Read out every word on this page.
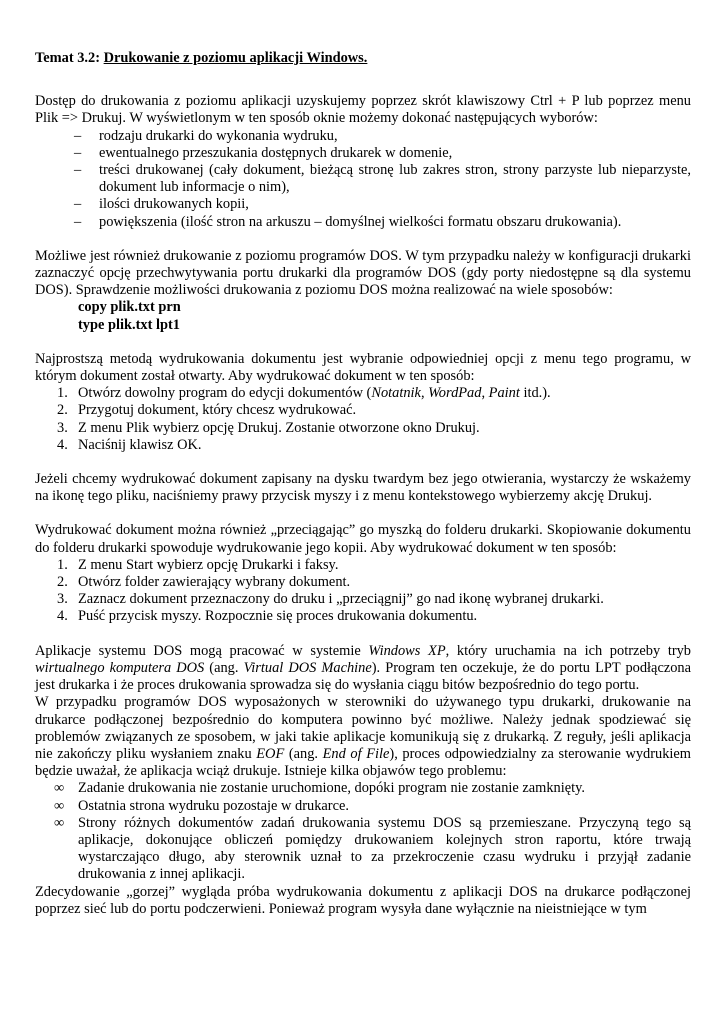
Temat 3.2: Drukowanie z poziomu aplikacji Windows.

Dostęp do drukowania z poziomu aplikacji uzyskujemy poprzez skrót klawiszowy Ctrl + P lub poprzez menu Plik => Drukuj. W wyświetlonym w ten sposób oknie możemy dokonać następujących wyborów:

– rodzaju drukarki do wykonania wydruku,
– ewentualnego przeszukania dostępnych drukarek w domenie,
– treści drukowanej (cały dokument, bieżącą stronę lub zakres stron, strony parzyste lub nieparzyste, dokument lub informacje o nim),
– ilości drukowanych kopii,
– powiększenia (ilość stron na arkuszu – domyślnej wielkości formatu obszaru drukowania).

Możliwe jest również drukowanie z poziomu programów DOS. W tym przypadku należy w konfiguracji drukarki zaznaczyć opcję przechwytywania portu drukarki dla programów DOS (gdy porty niedostępne są dla systemu DOS). Sprawdzenie możliwości drukowania z poziomu DOS można realizować na wiele sposobów:

copy plik.txt prn
type plik.txt lpt1

Najprostszą metodą wydrukowania dokumentu jest wybranie odpowiedniej opcji z menu tego programu, w którym dokument został otwarty. Aby wydrukować dokument w ten sposób:

1. Otwórz dowolny program do edycji dokumentów (Notatnik, WordPad, Paint itd.).
2. Przygotuj dokument, który chcesz wydrukować.
3. Z menu Plik wybierz opcję Drukuj. Zostanie otworzone okno Drukuj.
4. Naciśnij klawisz OK.

Jeżeli chcemy wydrukować dokument zapisany na dysku twardym bez jego otwierania, wystarczy że wskażemy na ikonę tego pliku, naciśniemy prawy przycisk myszy i z menu kontekstowego wybierzemy akcję Drukuj.

Wydrukować dokument można również „przeciągając” go myszką do folderu drukarki. Skopiowanie dokumentu do folderu drukarki spowoduje wydrukowanie jego kopii. Aby wydrukować dokument w ten sposób:

1. Z menu Start wybierz opcję Drukarki i faksy.
2. Otwórz folder zawierający wybrany dokument.
3. Zaznacz dokument przeznaczony do druku i „przeciągnij” go nad ikonę wybranej drukarki.
4. Puść przycisk myszy. Rozpocznie się proces drukowania dokumentu.

Aplikacje systemu DOS mogą pracować w systemie Windows XP, który uruchamia na ich potrzeby tryb wirtualnego komputera DOS (ang. Virtual DOS Machine). Program ten oczekuje, że do portu LPT podłączona jest drukarka i że proces drukowania sprowadza się do wysłania ciągu bitów bezpośrednio do tego portu.

W przypadku programów DOS wyposażonych w sterowniki do używanego typu drukarki, drukowanie na drukarce podłączonej bezpośrednio do komputera powinno być możliwe. Należy jednak spodziewać się problemów związanych ze sposobem, w jaki takie aplikacje komunikują się z drukarką. Z reguły, jeśli aplikacja nie zakończy pliku wysłaniem znaku EOF (ang. End of File), proces odpowiedzialny za sterowanie wydrukiem będzie uważał, że aplikacja wciąż drukuje. Istnieje kilka objawów tego problemu:

∞ Zadanie drukowania nie zostanie uruchomione, dopóki program nie zostanie zamknięty.
∞ Ostatnia strona wydruku pozostaje w drukarce.
∞ Strony różnych dokumentów zadań drukowania systemu DOS są przemieszane. Przyczyną tego są aplikacje, dokonujące obliczeń pomiędzy drukowaniem kolejnych stron raportu, które trwają wystarczająco długo, aby sterownik uznał to za przekroczenie czasu wydruku i przyjął zadanie drukowania z innej aplikacji.

Zdecydowanie „gorzej” wygląda próba wydrukowania dokumentu z aplikacji DOS na drukarce podłączonej poprzez sieć lub do portu podczerwieni. Ponieważ program wysyła dane wyłącznie na nieistniejące w tym
